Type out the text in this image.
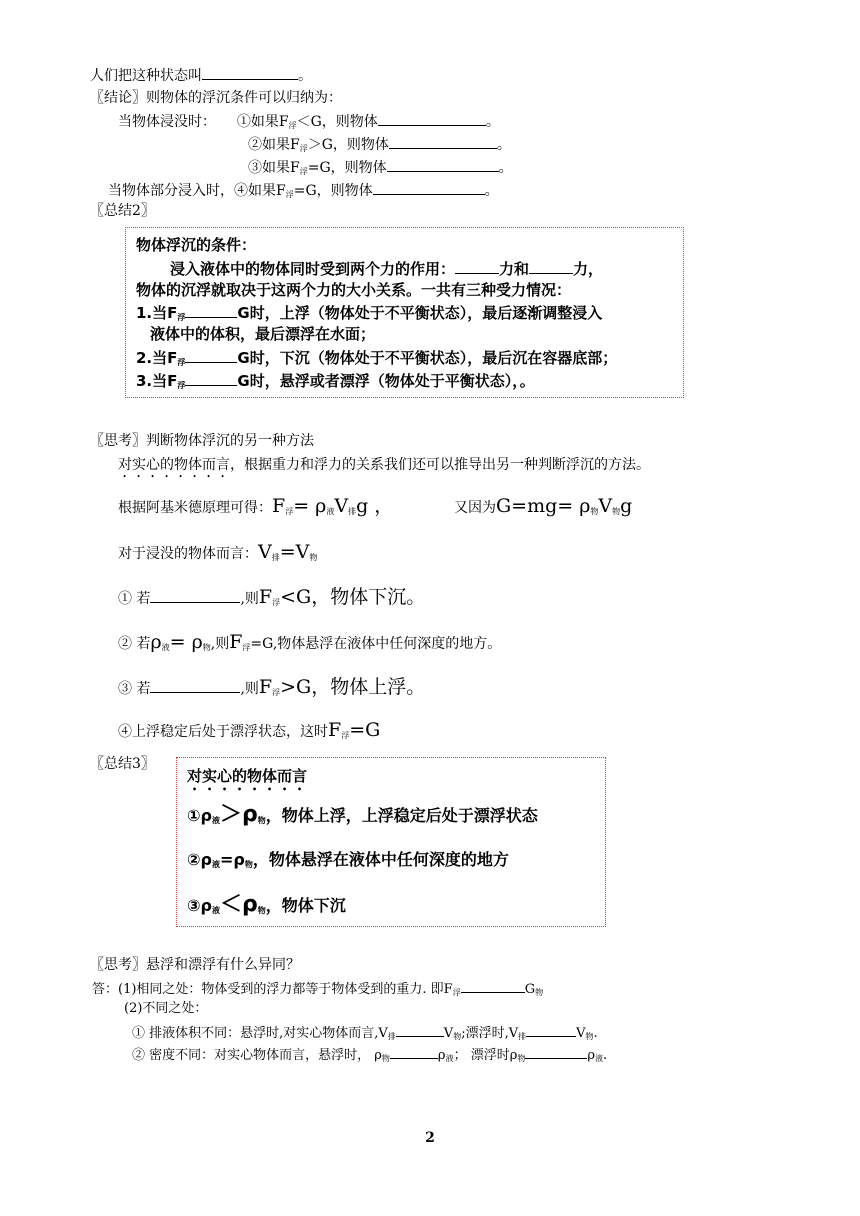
人们把这种状态叫	。
〖结论〗则物体的浮沉条件可以归纳为：
当物体浸没时： ①如果$F_浮<G$，则物体	。
②如果$F_浮>G$，则物体	。
③如果$F_浮=G$，则物体	。
当物体部分浸入时，④如果$F_浮=G$，则物体	。
〖总结2〗
物体浮沉的条件：
浸入液体中的物体同时受到两个力的作用：	力和	力，
物体的沉浮就取决于这两个力的大小关系。一共有三种受力情况：
1.当$F_浮$	G时，上浮（物体处于不平衡状态），最后逐渐调整浸入
液体中的体积，最后漂浮在水面；
2.当$F_浮$	G时，下沉（物体处于不平衡状态），最后沉在容器底部；
3.当$F_浮$	G时，悬浮或者漂浮（物体处于平衡状态），。
〖思考〗判断物体浮沉的另一种方法
对实心的物体而言，根据重力和浮力的关系我们还可以推导出另一种判断浮沉的方法。
根据阿基米德原理可得：$F_浮= \rho_液V_排g$ ，	又因为$G=mg= \rho_物V_物g$
对于浸没的物体而言：$V_排=V_物$
① 若	,则$F_浮<G$，物体下沉。
② 若$\rho_液= \rho_物$,则$F_浮=G$,物体悬浮在液体中任何深度的地方。
③ 若	,则$F_浮>G$，物体上浮。
④上浮稳定后处于漂浮状态，这时$F_浮=G$
〖总结3〗
对实心的物体而言
$①\rho_液>\rho_物$，物体上浮，上浮稳定后处于漂浮状态
$②\rho_液=\rho_物$，物体悬浮在液体中任何深度的地方
$③\rho_液<\rho_物$，物体下沉
〖思考〗悬浮和漂浮有什么异同？
答：(1)相同之处：物体受到的浮力都等于物体受到的重力. 即$F_浮$	$G_物$
(2)不同之处：
① 排液体积不同：悬浮时,对实心物体而言$,V_排$	$V_物$;漂浮时$,V_排$	$V_物$.
② 密度不同：对实心物体而言，悬浮时， $\rho_物$	$\rho_液$； 漂浮时$\rho_物$	$\rho_液$.
2
